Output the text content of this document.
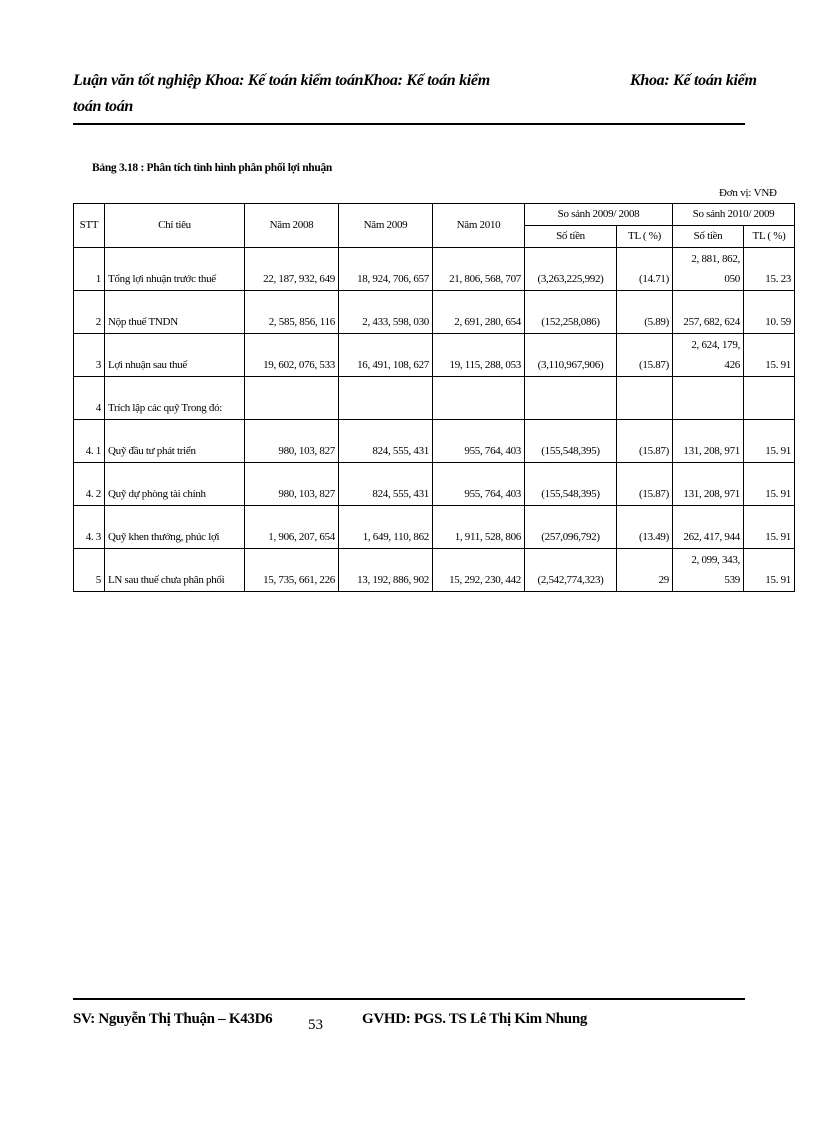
Luận văn tốt nghiệp Khoa: Kế toán kiểm toánKhoa: Kế toán kiểm toán toán
Khoa: Kế toán kiểm
Bảng 3.18 : Phân tích tình hình phân phối lợi nhuận
Đơn vị: VNĐ
STT	Chỉ tiêu	Năm 2008	Năm 2009	Năm 2010	So sánh 2009/ 2008		So sánh 2010/ 2009	
					Số tiền	TL ( %)	Số tiền	TL ( %)
1	Tổng lợi nhuận trước thuế	22, 187, 932, 649	18, 924, 706, 657	21, 806, 568, 707	(3,263,225,992)	(14.71)	2, 881, 862, 050	15. 23
2	Nộp thuế TNDN	2, 585, 856, 116	2, 433, 598, 030	2, 691, 280, 654	(152,258,086)	(5.89)	257, 682, 624	10. 59
3	Lợi nhuận sau thuế	19, 602, 076, 533	16, 491, 108, 627	19, 115, 288, 053	(3,110,967,906)	(15.87)	2, 624, 179, 426	15. 91
4	Trích lập các quỹ Trong đó:							
4. 1	Quỹ đầu tư phát triển	980, 103, 827	824, 555, 431	955, 764, 403	(155,548,395)	(15.87)	131, 208, 971	15. 91
4. 2	Quỹ dự phòng tài chính	980, 103, 827	824, 555, 431	955, 764, 403	(155,548,395)	(15.87)	131, 208, 971	15. 91
4. 3	Quỹ khen thưởng, phúc lợi	1, 906, 207, 654	1, 649, 110, 862	1, 911, 528, 806	(257,096,792)	(13.49)	262, 417, 944	15. 91
5	LN sau thuế chưa phân phối	15, 735, 661, 226	13, 192, 886, 902	15, 292, 230, 442	(2,542,774,323)	29	2, 099, 343, 539	15. 91
SV: Nguyễn Thị Thuận – K43D6 53	GVHD: PGS. TS Lê Thị Kim Nhung
